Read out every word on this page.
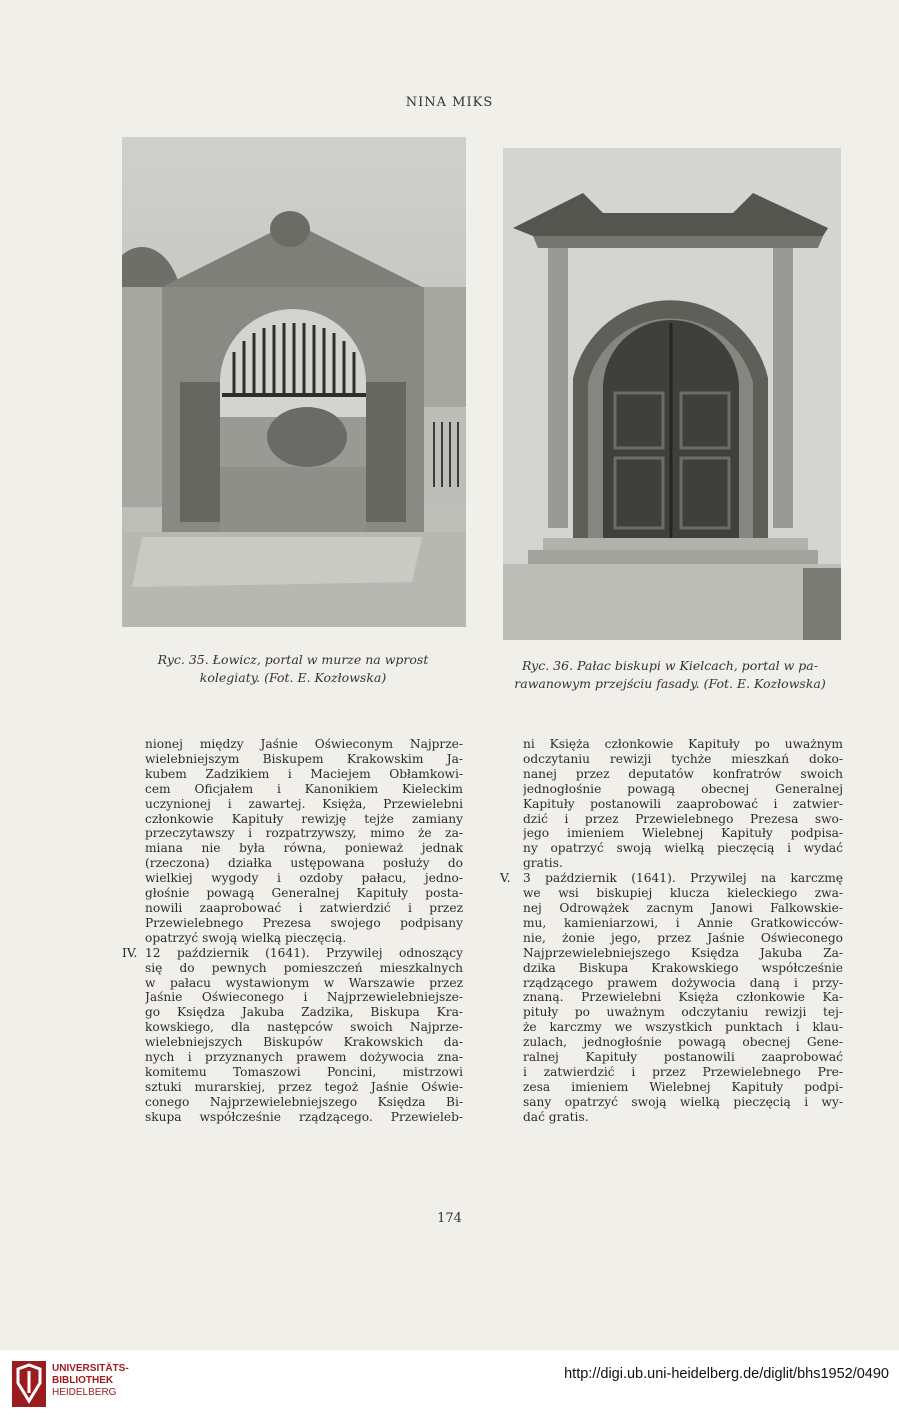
NINA MIKS
Ryc. 35. Łowicz, portal w murze na wprost
kolegiaty. (Fot. E. Kozłowska)
Ryc. 36. Pałac biskupi w Kielcach, portal w pa-
rawanowym przejściu fasady. (Fot. E. Kozłowska)
nionej między Jaśnie Oświeconym Najprze-
wielebniejszym Biskupem Krakowskim Ja-
kubem Zadzikiem i Maciejem Obłamkowi-
cem Oficjałem i Kanonikiem Kieleckim
uczynionej i zawartej. Księża, Przewielebni
członkowie Kapituły rewizję tejże zamiany
przeczytawszy i rozpatrzywszy, mimo że za-
miana nie była równa, ponieważ jednak
(rzeczona) działka ustępowana posłuży do
wielkiej wygody i ozdoby pałacu, jedno-
głośnie powagą Generalnej Kapituły posta-
nowili zaaprobować i zatwierdzić i przez
Przewielebnego Prezesa swojego podpisany
opatrzyć swoją wielką pieczęcią.
IV. 12 październik (1641). Przywilej odnoszący
się do pewnych pomieszczeń mieszkalnych
w pałacu wystawionym w Warszawie przez
Jaśnie Oświeconego i Najprzewielebniejsze-
go Księdza Jakuba Zadzika, Biskupa Kra-
kowskiego, dla następców swoich Najprze-
wielebniejszych Biskupów Krakowskich da-
nych i przyznanych prawem dożywocia zna-
komitemu Tomaszowi Poncini, mistrzowi
sztuki murarskiej, przez tegoż Jaśnie Oświe-
conego Najprzewielebniejszego Księdza Bi-
skupa współcześnie rządzącego. Przewieleb-
ni Księża członkowie Kapituły po uważnym
odczytaniu rewizji tychże mieszkań doko-
nanej przez deputatów konfratrów swoich
jednogłośnie powagą obecnej Generalnej
Kapituły postanowili zaaprobować i zatwier-
dzić i przez Przewielebnego Prezesa swo-
jego imieniem Wielebnej Kapituły podpisa-
ny opatrzyć swoją wielką pieczęcią i wydać
gratis.
V. 3 październik (1641). Przywilej na karczmę
we wsi biskupiej klucza kieleckiego zwa-
nej Odrowążek zacnym Janowi Falkowskie-
mu, kamieniarzowi, i Annie Gratkowicców-
nie, żonie jego, przez Jaśnie Oświeconego
Najprzewielebniejszego Księdza Jakuba Za-
dzika Biskupa Krakowskiego współcześnie
rządzącego prawem dożywocia daną i przy-
znaną. Przewielebni Księża członkowie Ka-
pituły po uważnym odczytaniu rewizji tej-
że karczmy we wszystkich punktach i klau-
zulach, jednogłośnie powagą obecnej Gene-
ralnej Kapituły postanowili zaaprobować
i zatwierdzić i przez Przewielebnego Pre-
zesa imieniem Wielebnej Kapituły podpi-
sany opatrzyć swoją wielką pieczęcią i wy-
dać gratis.
174
UNIVERSITÄTS-
BIBLIOTHEK
HEIDELBERG
http://digi.ub.uni-heidelberg.de/diglit/bhs1952/0490
